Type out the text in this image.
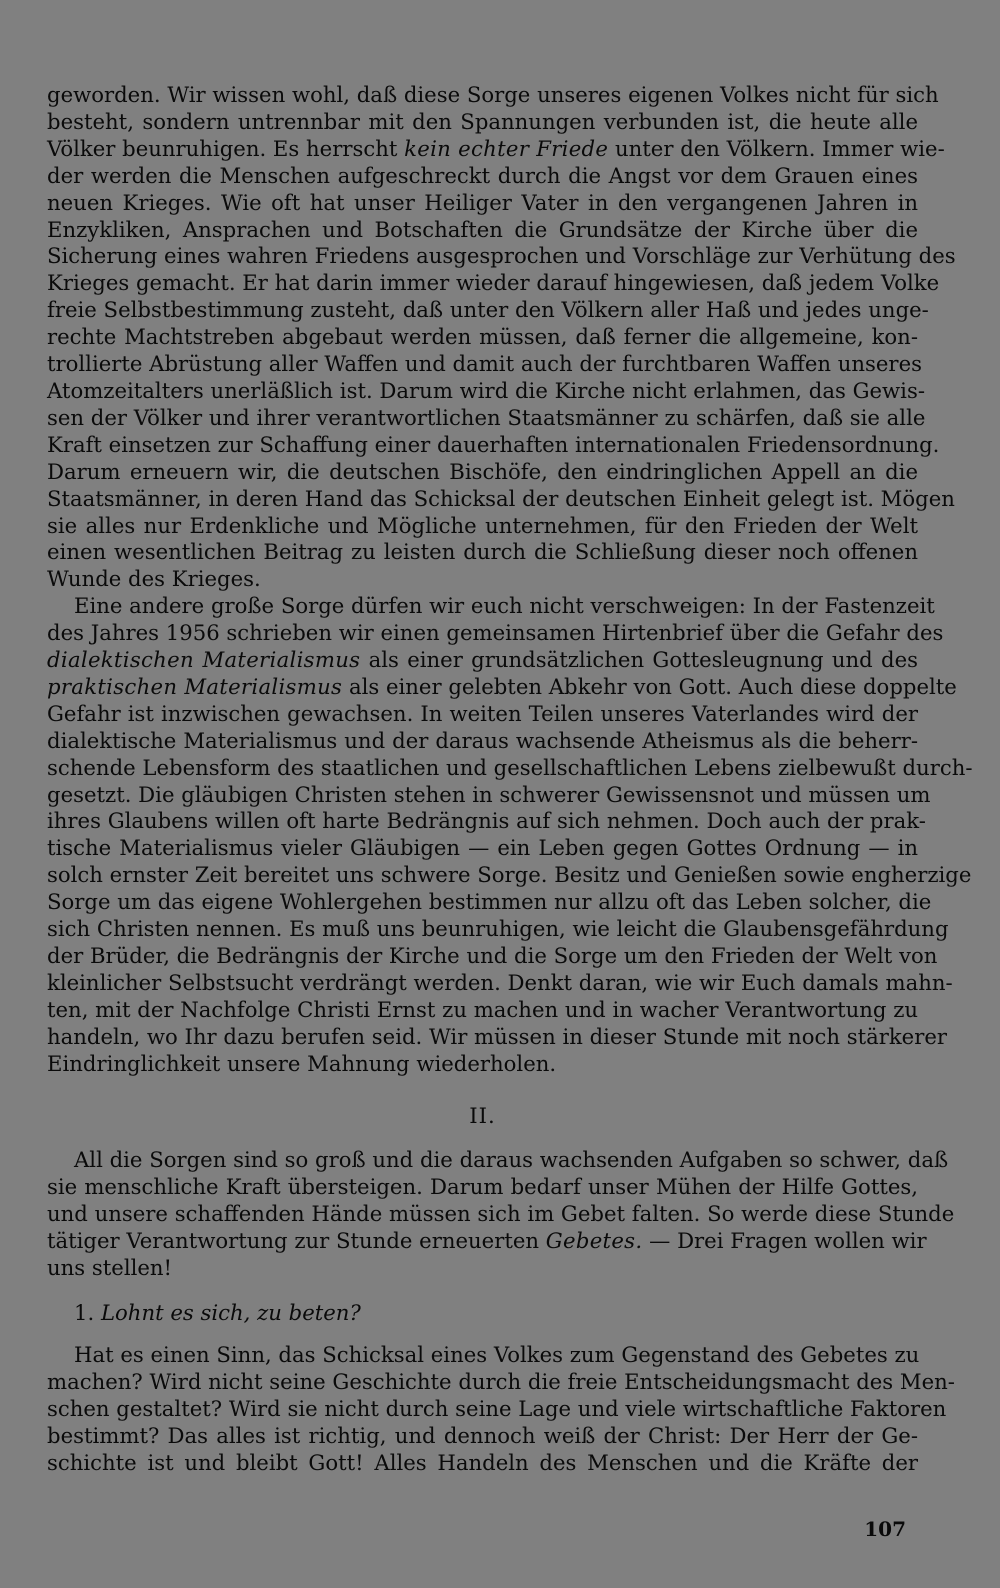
geworden. Wir wissen wohl, daß diese Sorge unseres eigenen Volkes nicht für sich
besteht, sondern untrennbar mit den Spannungen verbunden ist, die heute alle
Völker beunruhigen. Es herrscht kein echter Friede unter den Völkern. Immer wie-
der werden die Menschen aufgeschreckt durch die Angst vor dem Grauen eines
neuen Krieges. Wie oft hat unser Heiliger Vater in den vergangenen Jahren in
Enzykliken, Ansprachen und Botschaften die Grundsätze der Kirche über die
Sicherung eines wahren Friedens ausgesprochen und Vorschläge zur Verhütung des
Krieges gemacht. Er hat darin immer wieder darauf hingewiesen, daß jedem Volke
freie Selbstbestimmung zusteht, daß unter den Völkern aller Haß und jedes unge-
rechte Machtstreben abgebaut werden müssen, daß ferner die allgemeine, kon-
trollierte Abrüstung aller Waffen und damit auch der furchtbaren Waffen unseres
Atomzeitalters unerläßlich ist. Darum wird die Kirche nicht erlahmen, das Gewis-
sen der Völker und ihrer verantwortlichen Staatsmänner zu schärfen, daß sie alle
Kraft einsetzen zur Schaffung einer dauerhaften internationalen Friedensordnung.
Darum erneuern wir, die deutschen Bischöfe, den eindringlichen Appell an die
Staatsmänner, in deren Hand das Schicksal der deutschen Einheit gelegt ist. Mögen
sie alles nur Erdenkliche und Mögliche unternehmen, für den Frieden der Welt
einen wesentlichen Beitrag zu leisten durch die Schließung dieser noch offenen
Wunde des Krieges.
Eine andere große Sorge dürfen wir euch nicht verschweigen: In der Fastenzeit
des Jahres 1956 schrieben wir einen gemeinsamen Hirtenbrief über die Gefahr des
dialektischen Materialismus als einer grundsätzlichen Gottesleugnung und des
praktischen Materialismus als einer gelebten Abkehr von Gott. Auch diese doppelte
Gefahr ist inzwischen gewachsen. In weiten Teilen unseres Vaterlandes wird der
dialektische Materialismus und der daraus wachsende Atheismus als die beherr-
schende Lebensform des staatlichen und gesellschaftlichen Lebens zielbewußt durch-
gesetzt. Die gläubigen Christen stehen in schwerer Gewissensnot und müssen um
ihres Glaubens willen oft harte Bedrängnis auf sich nehmen. Doch auch der prak-
tische Materialismus vieler Gläubigen — ein Leben gegen Gottes Ordnung — in
solch ernster Zeit bereitet uns schwere Sorge. Besitz und Genießen sowie engherzige
Sorge um das eigene Wohlergehen bestimmen nur allzu oft das Leben solcher, die
sich Christen nennen. Es muß uns beunruhigen, wie leicht die Glaubensgefährdung
der Brüder, die Bedrängnis der Kirche und die Sorge um den Frieden der Welt von
kleinlicher Selbstsucht verdrängt werden. Denkt daran, wie wir Euch damals mahn-
ten, mit der Nachfolge Christi Ernst zu machen und in wacher Verantwortung zu
handeln, wo Ihr dazu berufen seid. Wir müssen in dieser Stunde mit noch stärkerer
Eindringlichkeit unsere Mahnung wiederholen.
II.
All die Sorgen sind so groß und die daraus wachsenden Aufgaben so schwer, daß
sie menschliche Kraft übersteigen. Darum bedarf unser Mühen der Hilfe Gottes,
und unsere schaffenden Hände müssen sich im Gebet falten. So werde diese Stunde
tätiger Verantwortung zur Stunde erneuerten Gebetes. — Drei Fragen wollen wir
uns stellen!
1. Lohnt es sich, zu beten?
Hat es einen Sinn, das Schicksal eines Volkes zum Gegenstand des Gebetes zu
machen? Wird nicht seine Geschichte durch die freie Entscheidungsmacht des Men-
schen gestaltet? Wird sie nicht durch seine Lage und viele wirtschaftliche Faktoren
bestimmt? Das alles ist richtig, und dennoch weiß der Christ: Der Herr der Ge-
schichte ist und bleibt Gott! Alles Handeln des Menschen und die Kräfte der
107
